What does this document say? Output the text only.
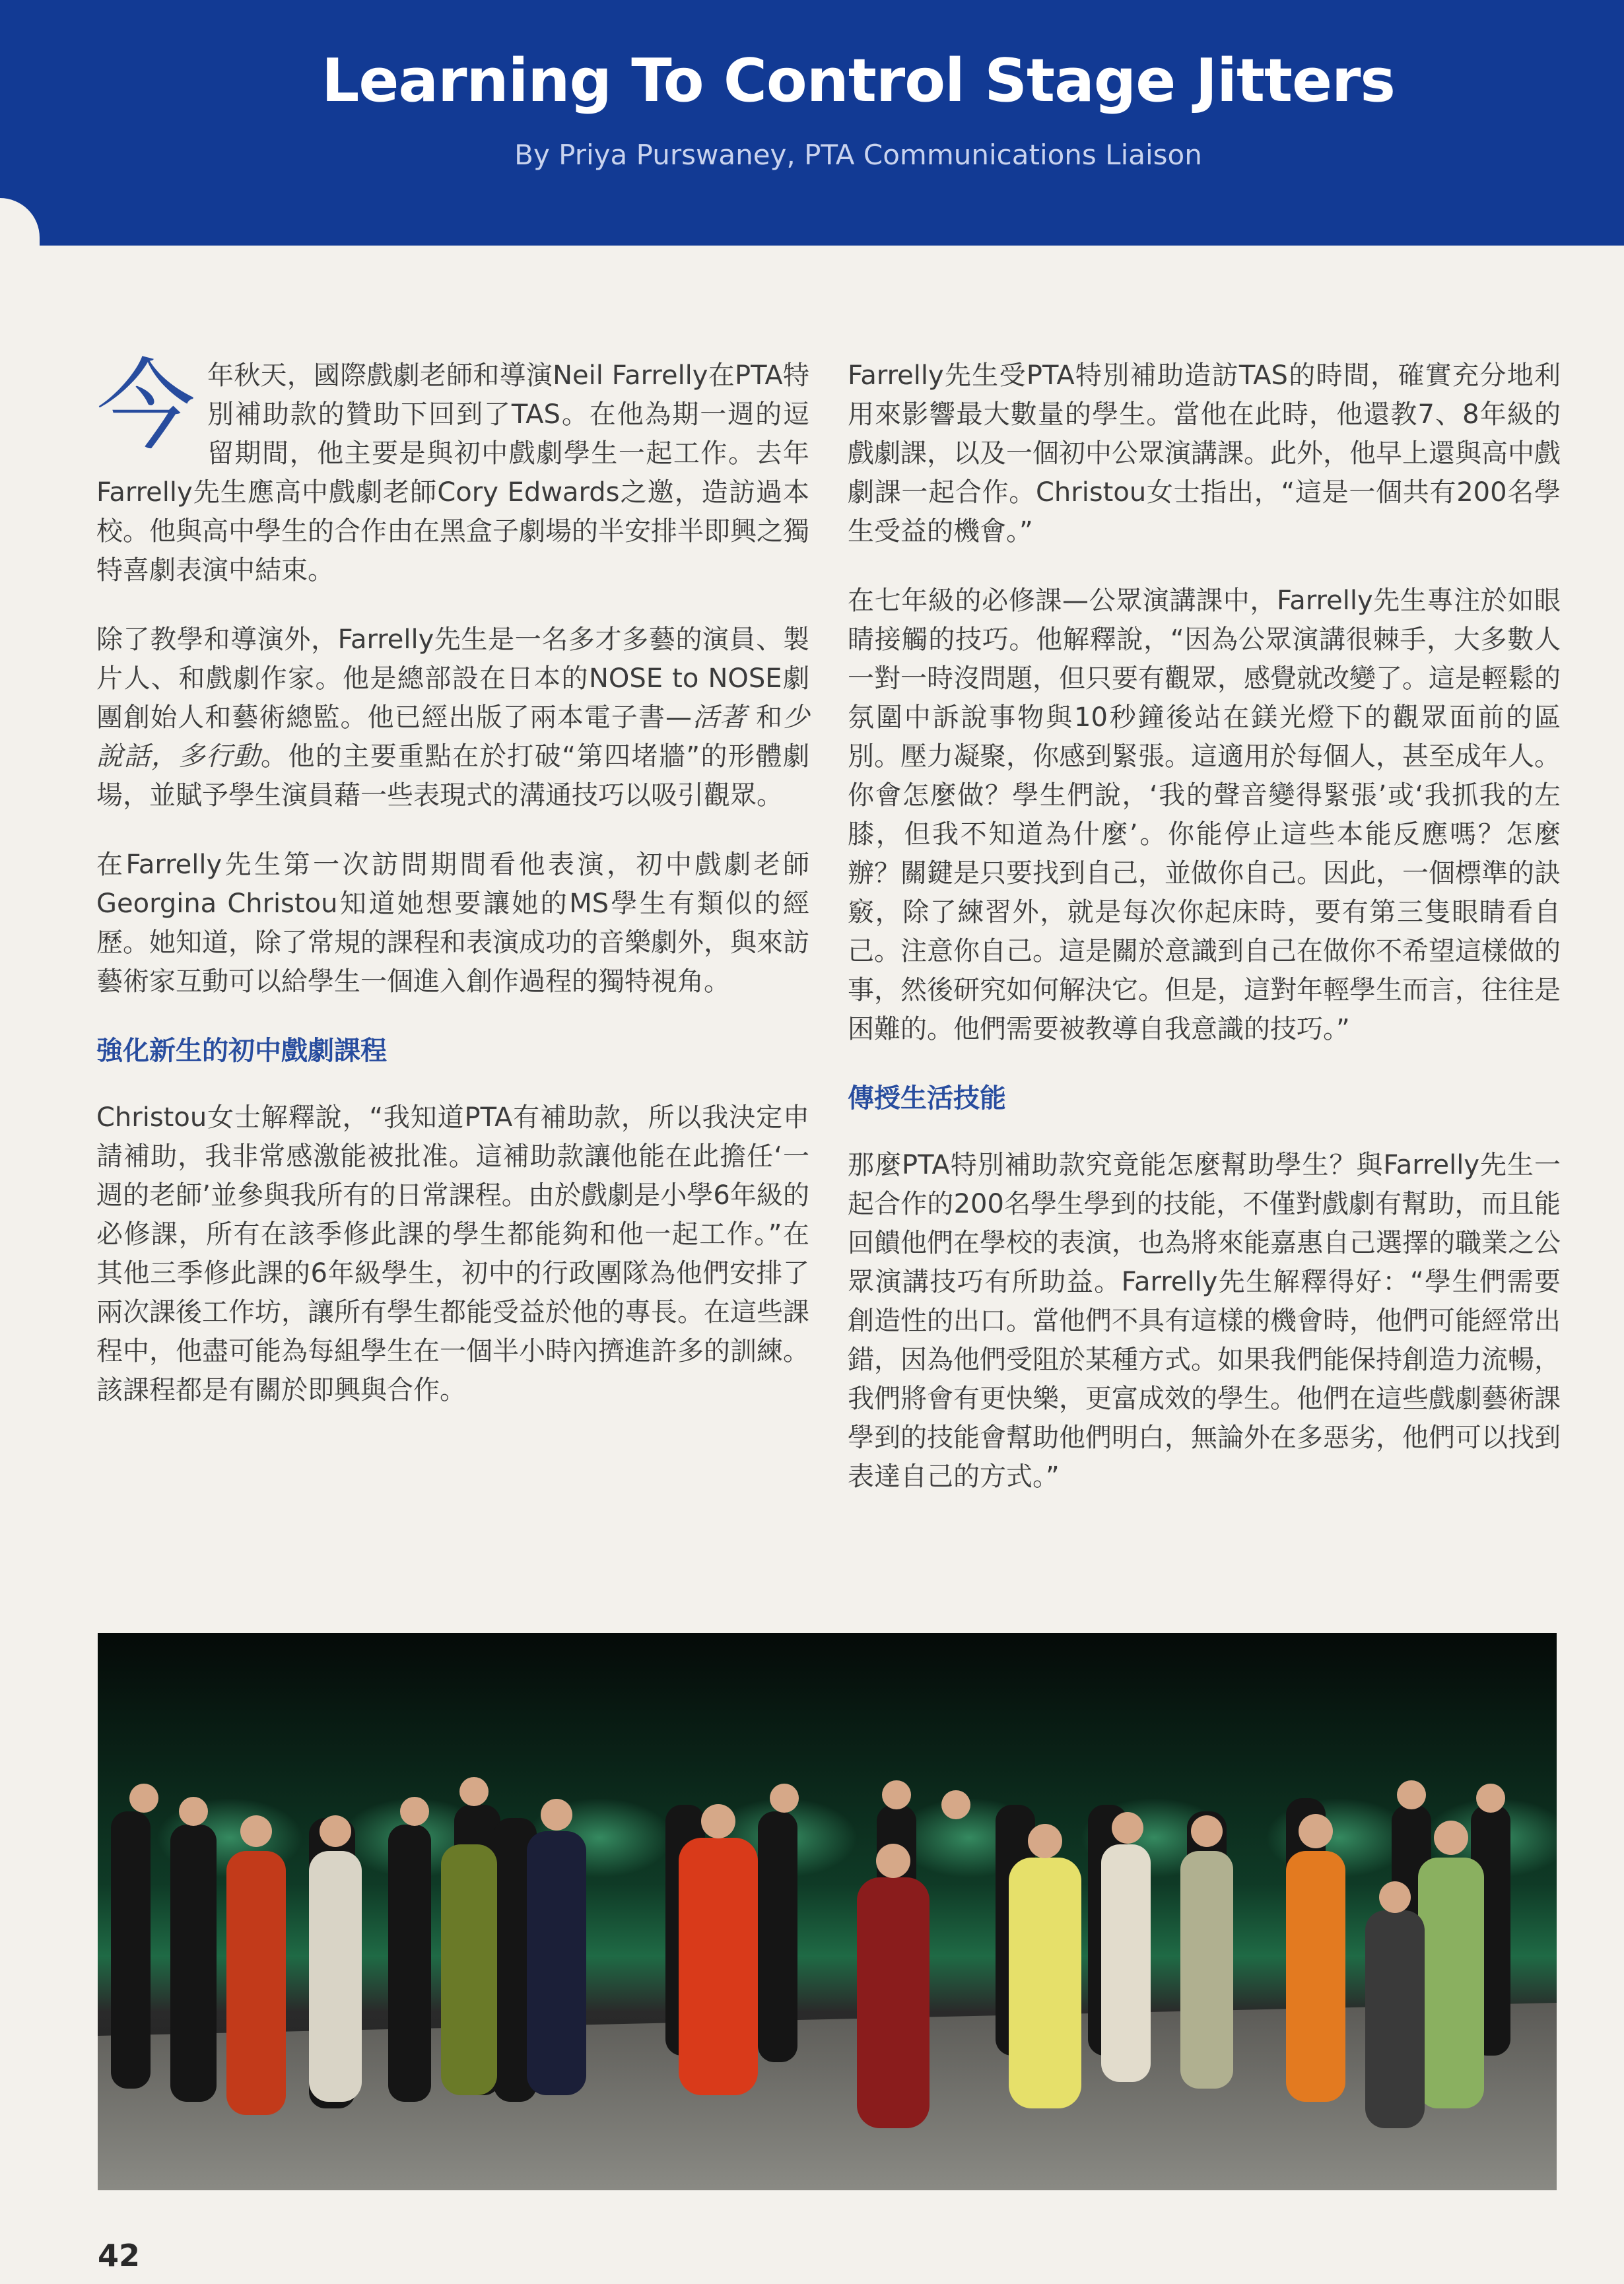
Learning To Control Stage Jitters

By Priya Purswaney, PTA Communications Liaison

今年秋天，國際戲劇老師和導演Neil Farrelly在PTA特別補助款的贊助下回到了TAS。在他為期一週的逗留期間，他主要是與初中戲劇學生一起工作。去年Farrelly先生應高中戲劇老師Cory Edwards之邀，造訪過本校。他與高中學生的合作由在黑盒子劇場的半安排半即興之獨特喜劇表演中結束。

除了教學和導演外，Farrelly先生是一名多才多藝的演員、製片人、和戲劇作家。他是總部設在日本的NOSE to NOSE劇團創始人和藝術總監。他已經出版了兩本電子書—活著 和少說話，多行動。他的主要重點在於打破“第四堵牆”的形體劇場，並賦予學生演員藉一些表現式的溝通技巧以吸引觀眾。

在Farrelly先生第一次訪問期間看他表演，初中戲劇老師Georgina Christou知道她想要讓她的MS學生有類似的經歷。她知道，除了常規的課程和表演成功的音樂劇外，與來訪藝術家互動可以給學生一個進入創作過程的獨特視角。

強化新生的初中戲劇課程

Christou女士解釋說，“我知道PTA有補助款，所以我決定申請補助，我非常感激能被批准。這補助款讓他能在此擔任‘一週的老師’並參與我所有的日常課程。由於戲劇是小學6年級的必修課，所有在該季修此課的學生都能夠和他一起工作。”在其他三季修此課的6年級學生，初中的行政團隊為他們安排了兩次課後工作坊，讓所有學生都能受益於他的專長。在這些課程中，他盡可能為每組學生在一個半小時內擠進許多的訓練。該課程都是有關於即興與合作。

Farrelly先生受PTA特別補助造訪TAS的時間，確實充分地利用來影響最大數量的學生。當他在此時，他還教7、8年級的戲劇課，以及一個初中公眾演講課。此外，他早上還與高中戲劇課一起合作。Christou女士指出，“這是一個共有200名學生受益的機會。”

在七年級的必修課—公眾演講課中，Farrelly先生專注於如眼睛接觸的技巧。他解釋說，“因為公眾演講很棘手，大多數人一對一時沒問題，但只要有觀眾，感覺就改變了。這是輕鬆的氛圍中訴說事物與10秒鐘後站在鎂光燈下的觀眾面前的區別。壓力凝聚，你感到緊張。這適用於每個人，甚至成年人。你會怎麼做？學生們說，‘我的聲音變得緊張’或‘我抓我的左膝，但我不知道為什麼’。你能停止這些本能反應嗎？怎麼辦？關鍵是只要找到自己，並做你自己。因此，一個標準的訣竅，除了練習外，就是每次你起床時，要有第三隻眼睛看自己。注意你自己。這是關於意識到自己在做你不希望這樣做的事，然後研究如何解決它。但是，這對年輕學生而言，往往是困難的。他們需要被教導自我意識的技巧。”

傳授生活技能

那麼PTA特別補助款究竟能怎麼幫助學生？與Farrelly先生一起合作的200名學生學到的技能，不僅對戲劇有幫助，而且能回饋他們在學校的表演，也為將來能嘉惠自己選擇的職業之公眾演講技巧有所助益。Farrelly先生解釋得好：“學生們需要創造性的出口。當他們不具有這樣的機會時，他們可能經常出錯，因為他們受阻於某種方式。如果我們能保持創造力流暢，我們將會有更快樂，更富成效的學生。他們在這些戲劇藝術課學到的技能會幫助他們明白，無論外在多惡劣，他們可以找到表達自己的方式。”

42
